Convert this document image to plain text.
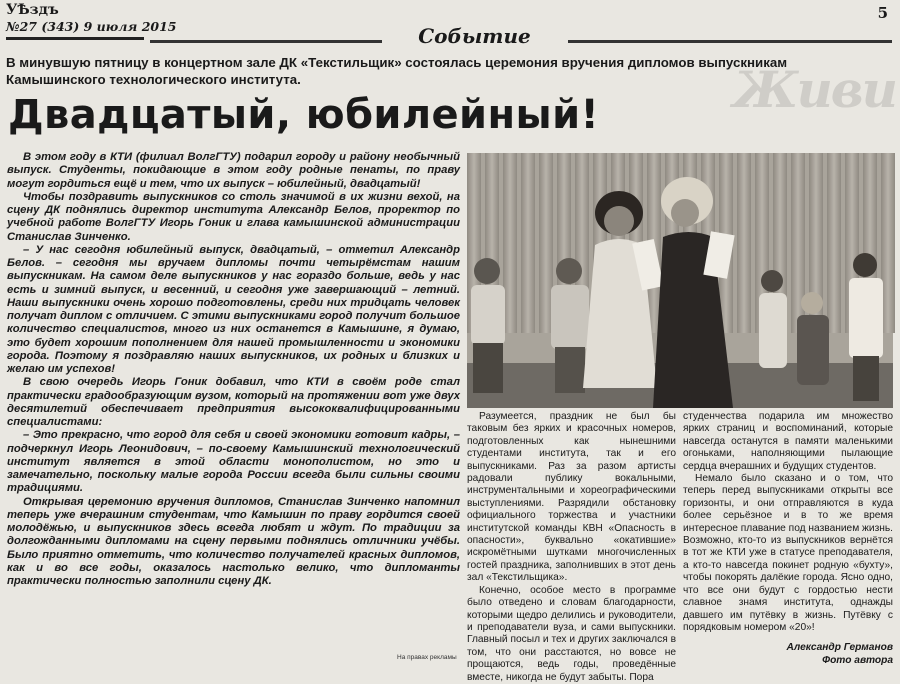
УѢздъ
№27 (343) 9 июля 2015
5
Событие
Живи
В минувшую пятницу в концертном зале ДК «Текстильщик» состоялась церемония вручения дипломов выпускникам Камышинского технологического института.
Двадцатый, юбилейный!

В этом году в КТИ (филиал ВолгГТУ) подарил городу и району необычный выпуск. Студенты, покидающие в этом году родные пенаты, по праву могут гордиться ещё и тем, что их выпуск – юбилейный, двадцатый!

Чтобы поздравить выпускников со столь значимой в их жизни вехой, на сцену ДК поднялись директор института Александр Белов, проректор по учебной работе ВолгГТУ Игорь Гоник и глава камышинской администрации Станислав Зинченко.

– У нас сегодня юбилейный выпуск, двадцатый, – отметил Александр Белов. – сегодня мы вручаем дипломы почти четырёмстам нашим выпускникам. На самом деле выпускников у нас гораздо больше, ведь у нас есть и зимний выпуск, и весенний, и сегодня уже завершающий – летний. Наши выпускники очень хорошо подготовлены, среди них тридцать человек получат диплом с отличием. С этими выпускниками город получит большое количество специалистов, много из них останется в Камышине, я думаю, это будет хорошим пополнением для нашей промышленности и экономики города. Поэтому я поздравляю наших выпускников, их родных и близких и желаю им успехов!

В свою очередь Игорь Гоник добавил, что КТИ в своём роде стал практически градообразующим вузом, который на протяжении вот уже двух десятилетий обеспечивает предприятия высококвалифицированными специалистами:

– Это прекрасно, что город для себя и своей экономики готовит кадры, – подчеркнул Игорь Леонидович, – по-своему Камышинский технологический институт является в этой области монополистом, но это и замечательно, поскольку малые города России всегда были сильны своими традициями.

Открывая церемонию вручения дипломов, Станислав Зинченко напомнил теперь уже вчерашним студентам, что Камышин по праву гордится своей молодёжью, и выпускников здесь всегда любят и ждут. По традиции за долгожданными дипломами на сцену первыми поднялись отличники учёбы. Было приятно отметить, что количество получателей красных дипломов, как и во все годы, оказалось настолько велико, что дипломанты практически полностью заполнили сцену ДК.

Разумеется, праздник не был бы таковым без ярких и красочных номеров, подготовленных как нынешними студентами института, так и его выпускниками. Раз за разом артисты радовали публику вокальными, инструментальными и хореографическими выступлениями. Разрядили обстановку официального торжества и участники институтской команды КВН «Опасность в опасности», буквально «окатившие» искромётными шутками многочисленных гостей праздника, заполнивших в этот день зал «Текстильщика».

Конечно, особое место в программе было отведено и словам благодарности, которыми щедро делились и руководители, и преподаватели вуза, и сами выпускники. Главный посыл и тех и других заключался в том, что они расстаются, но вовсе не прощаются, ведь годы, проведённые вместе, никогда не будут забыты. Пора

студенчества подарила им множество ярких страниц и воспоминаний, которые навсегда останутся в памяти маленькими огоньками, наполняющими пылающие сердца вчерашних и будущих студентов.

Немало было сказано и о том, что теперь перед выпускниками открыты все горизонты, и они отправляются в куда более серьёзное и в то же время интересное плавание под названием жизнь. Возможно, кто-то из выпускников вернётся в тот же КТИ уже в статусе преподавателя, а кто-то навсегда покинет родную «бухту», чтобы покорять далёкие города. Ясно одно, что все они будут с гордостью нести славное знамя института, однажды давшего им путёвку в жизнь. Путёвку с порядковым номером «20»!

Александр Германов
Фото автора
На правах рекламы
